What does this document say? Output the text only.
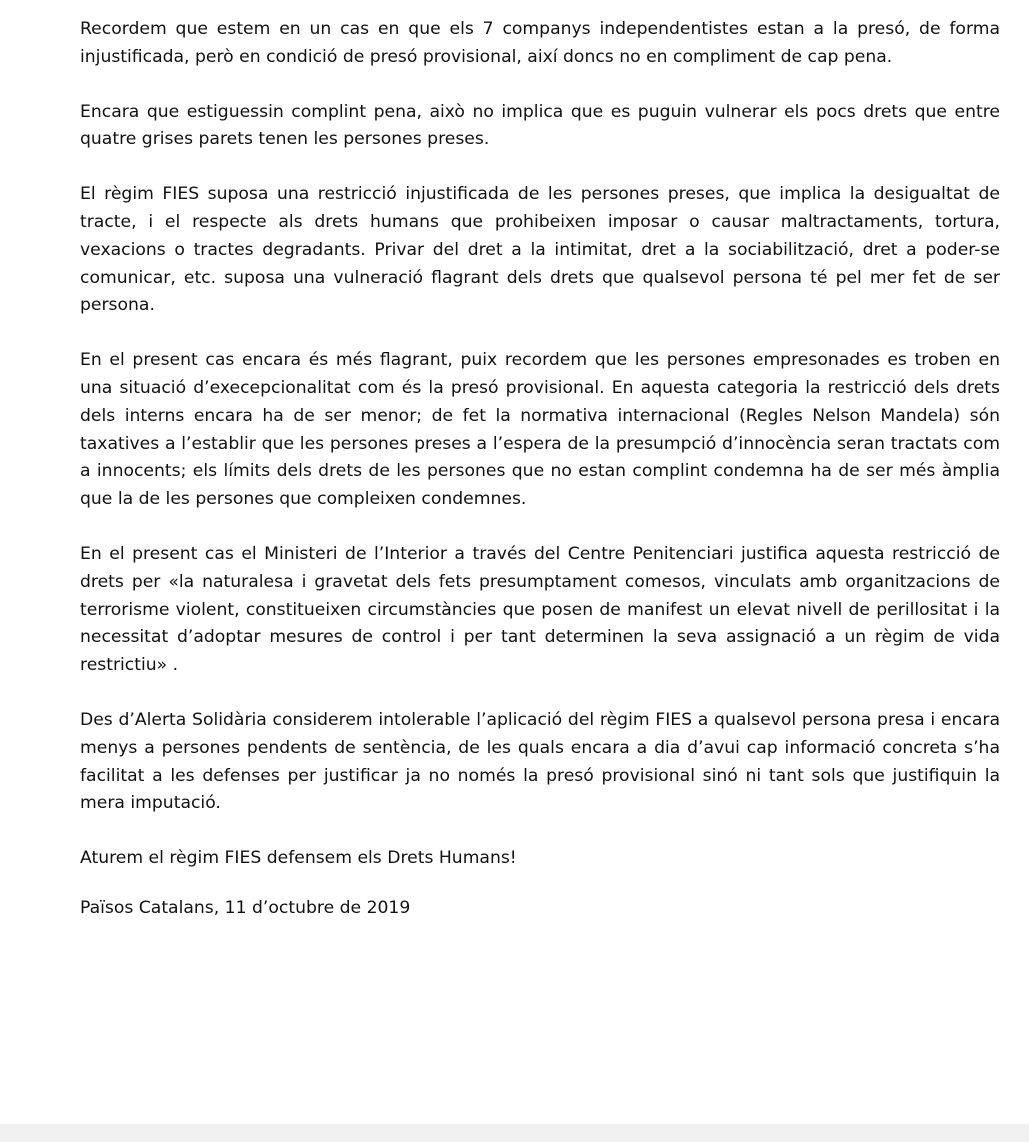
Recordem que estem en un cas en que els 7 companys independentistes estan a la presó, de forma injustificada, però en condició de presó provisional, així doncs no en compliment de cap pena.

Encara que estiguessin complint pena, això no implica que es puguin vulnerar els pocs drets que entre quatre grises parets tenen les persones preses.

El règim FIES suposa una restricció injustificada de les persones preses, que implica la desigualtat de tracte, i el respecte als drets humans que prohibeixen imposar o causar maltractaments, tortura, vexacions o tractes degradants. Privar del dret a la intimitat, dret a la sociabilització, dret a poder-se comunicar, etc. suposa una vulneració flagrant dels drets que qualsevol persona té pel mer fet de ser persona.

En el present cas encara és més flagrant, puix recordem que les persones empresonades es troben en una situació d’execepcionalitat com és la presó provisional. En aquesta categoria la restricció dels drets dels interns encara ha de ser menor; de fet la normativa internacional (Regles Nelson Mandela) són taxatives a l’establir que les persones preses a l’espera de la presumpció d’innocència seran tractats com a innocents; els límits dels drets de les persones que no estan complint condemna ha de ser més àmplia que la de les persones que compleixen condemnes.

En el present cas el Ministeri de l’Interior a través del Centre Penitenciari justifica aquesta restricció de drets per «la naturalesa i gravetat dels fets presumptament comesos, vinculats amb organitzacions de terrorisme violent, constitueixen circumstàncies que posen de manifest un elevat nivell de perillositat i la necessitat d’adoptar mesures de control i per tant determinen la seva assignació a un règim de vida restrictiu» .

Des d’Alerta Solidària considerem intolerable l’aplicació del règim FIES a qualsevol persona presa i encara menys a persones pendents de sentència, de les quals encara a dia d’avui cap informació concreta s’ha facilitat a les defenses per justificar ja no només la presó provisional sinó ni tant sols que justifiquin la mera imputació.

Aturem el règim FIES defensem els Drets Humans!

Països Catalans, 11 d’octubre de 2019
